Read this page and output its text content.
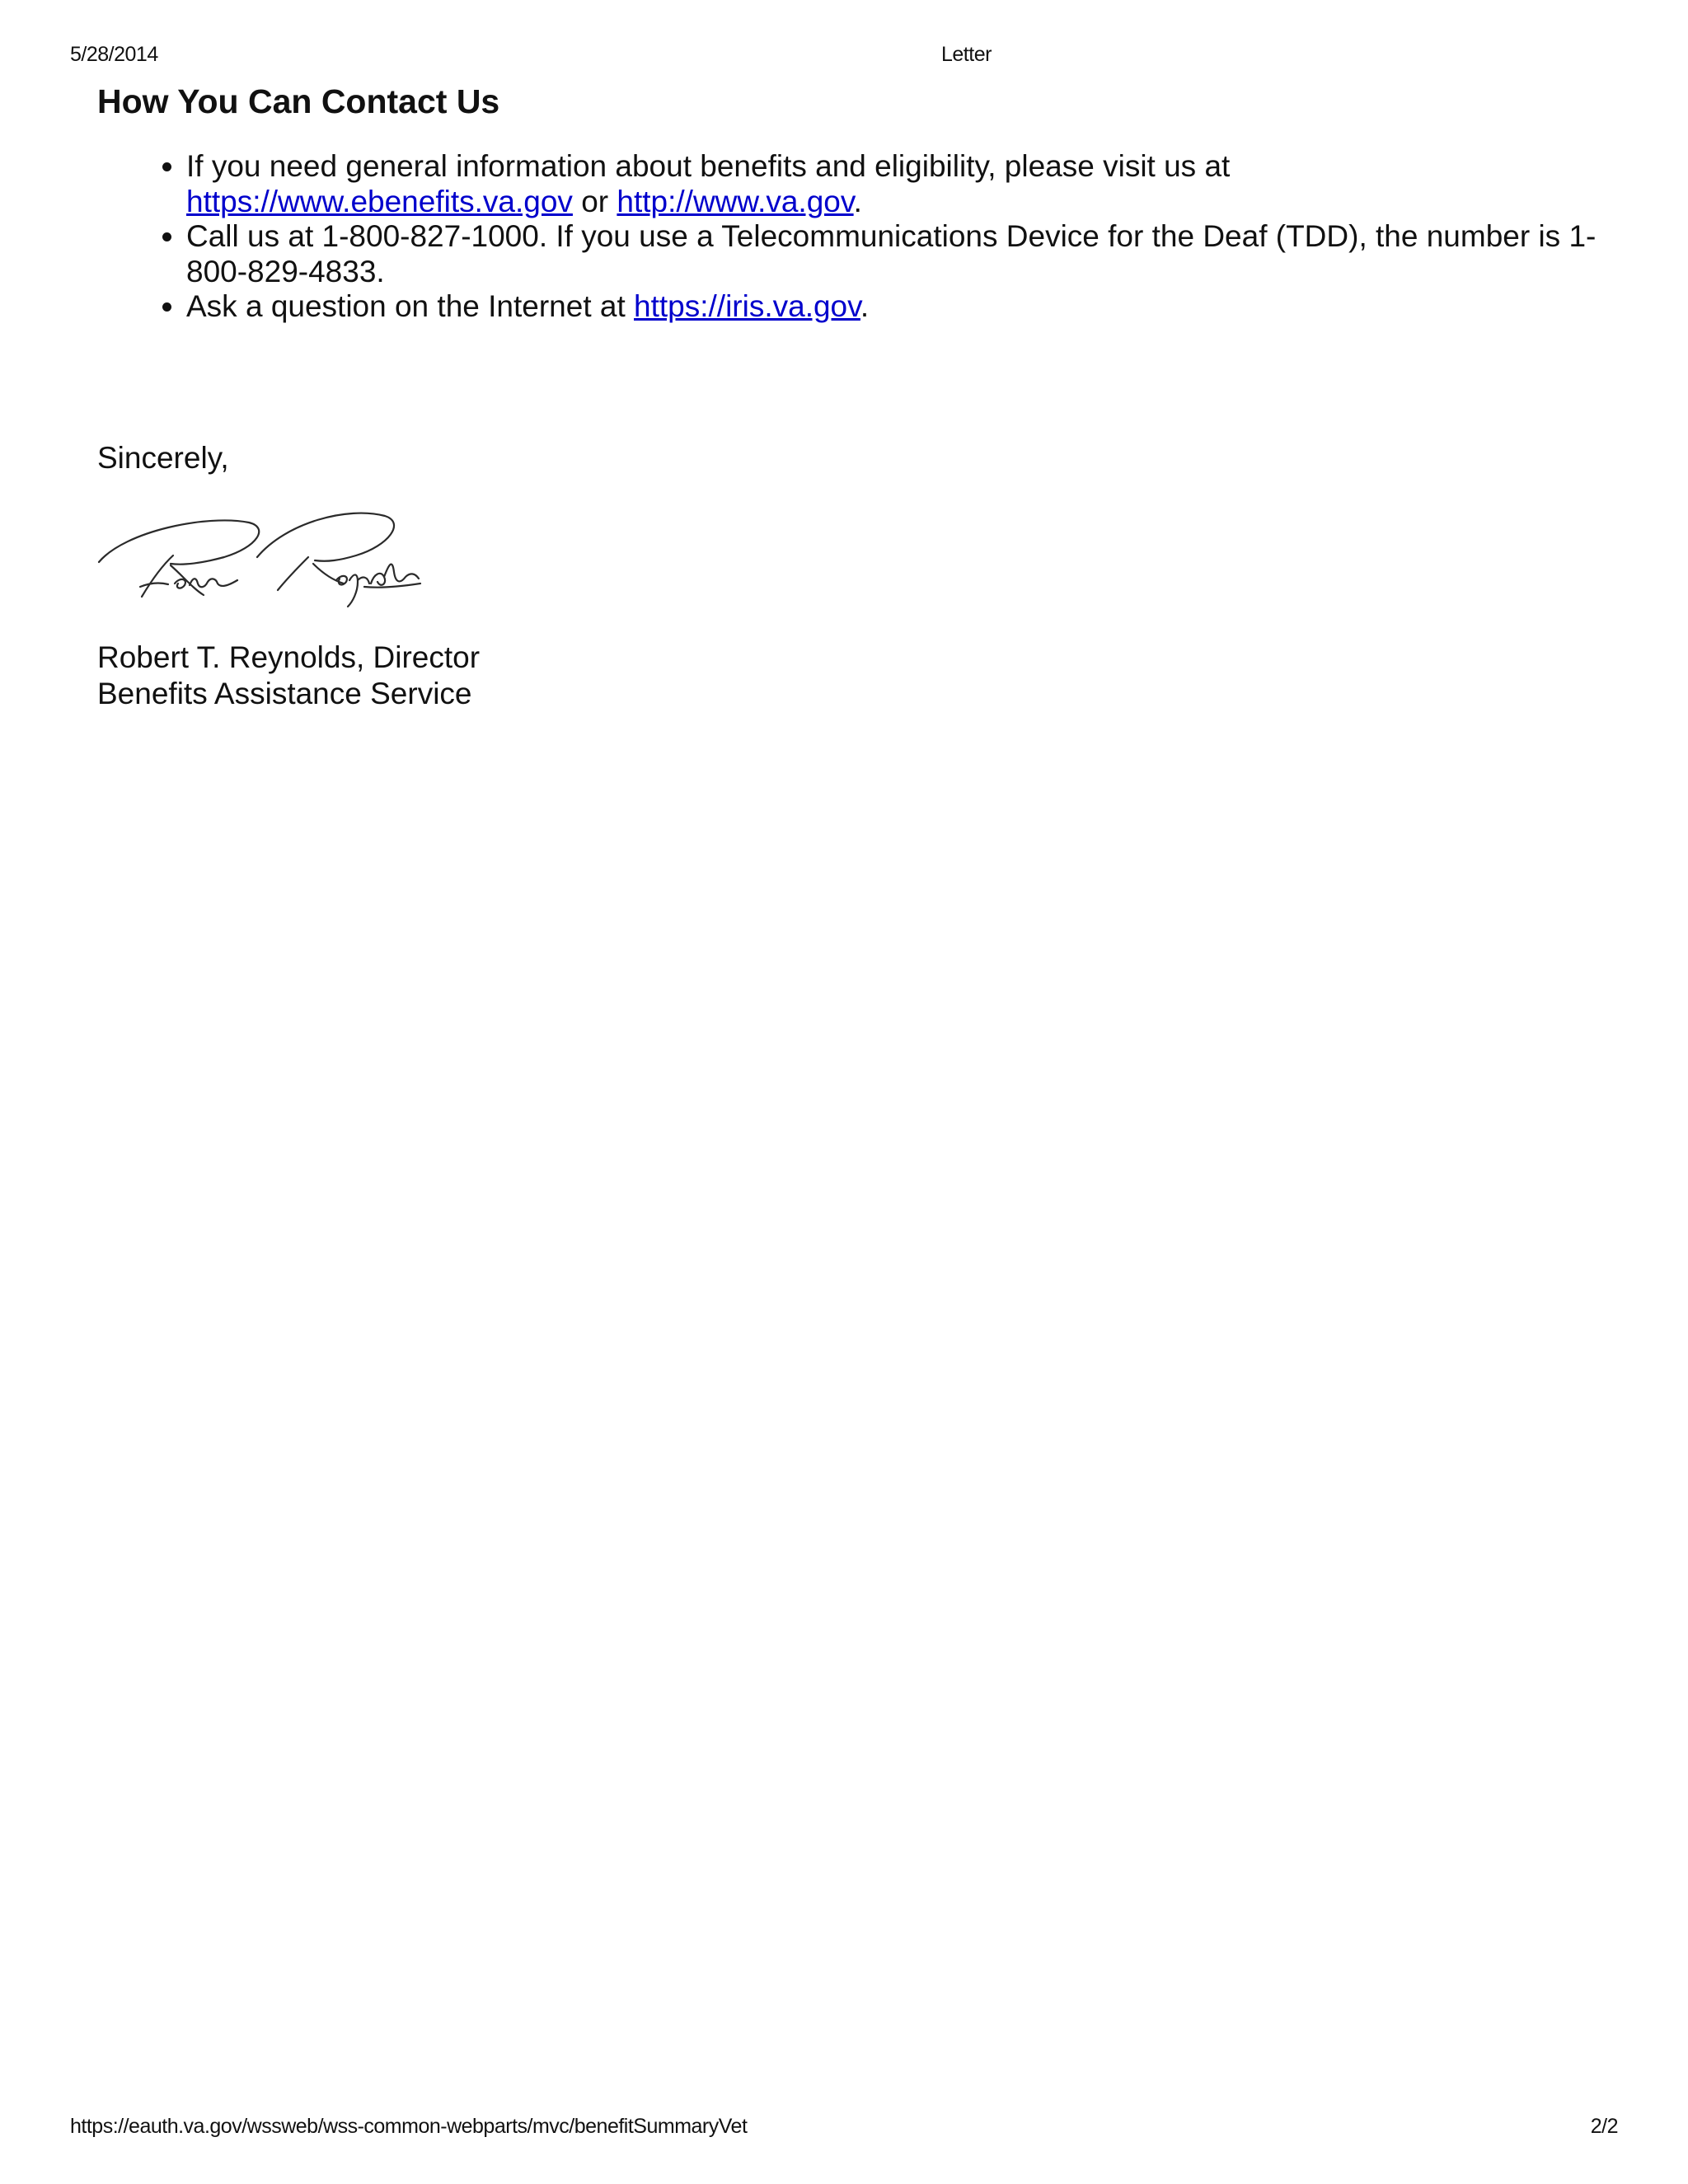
5/28/2014	Letter
How You Can Contact Us
• If you need general information about benefits and eligibility, please visit us at https://www.ebenefits.va.gov or http://www.va.gov.
• Call us at 1-800-827-1000. If you use a Telecommunications Device for the Deaf (TDD), the number is 1-800-829-4833.
• Ask a question on the Internet at https://iris.va.gov.
Sincerely,
Robert T. Reynolds, Director
Benefits Assistance Service
https://eauth.va.gov/wssweb/wss-common-webparts/mvc/benefitSummaryVet	2/2
